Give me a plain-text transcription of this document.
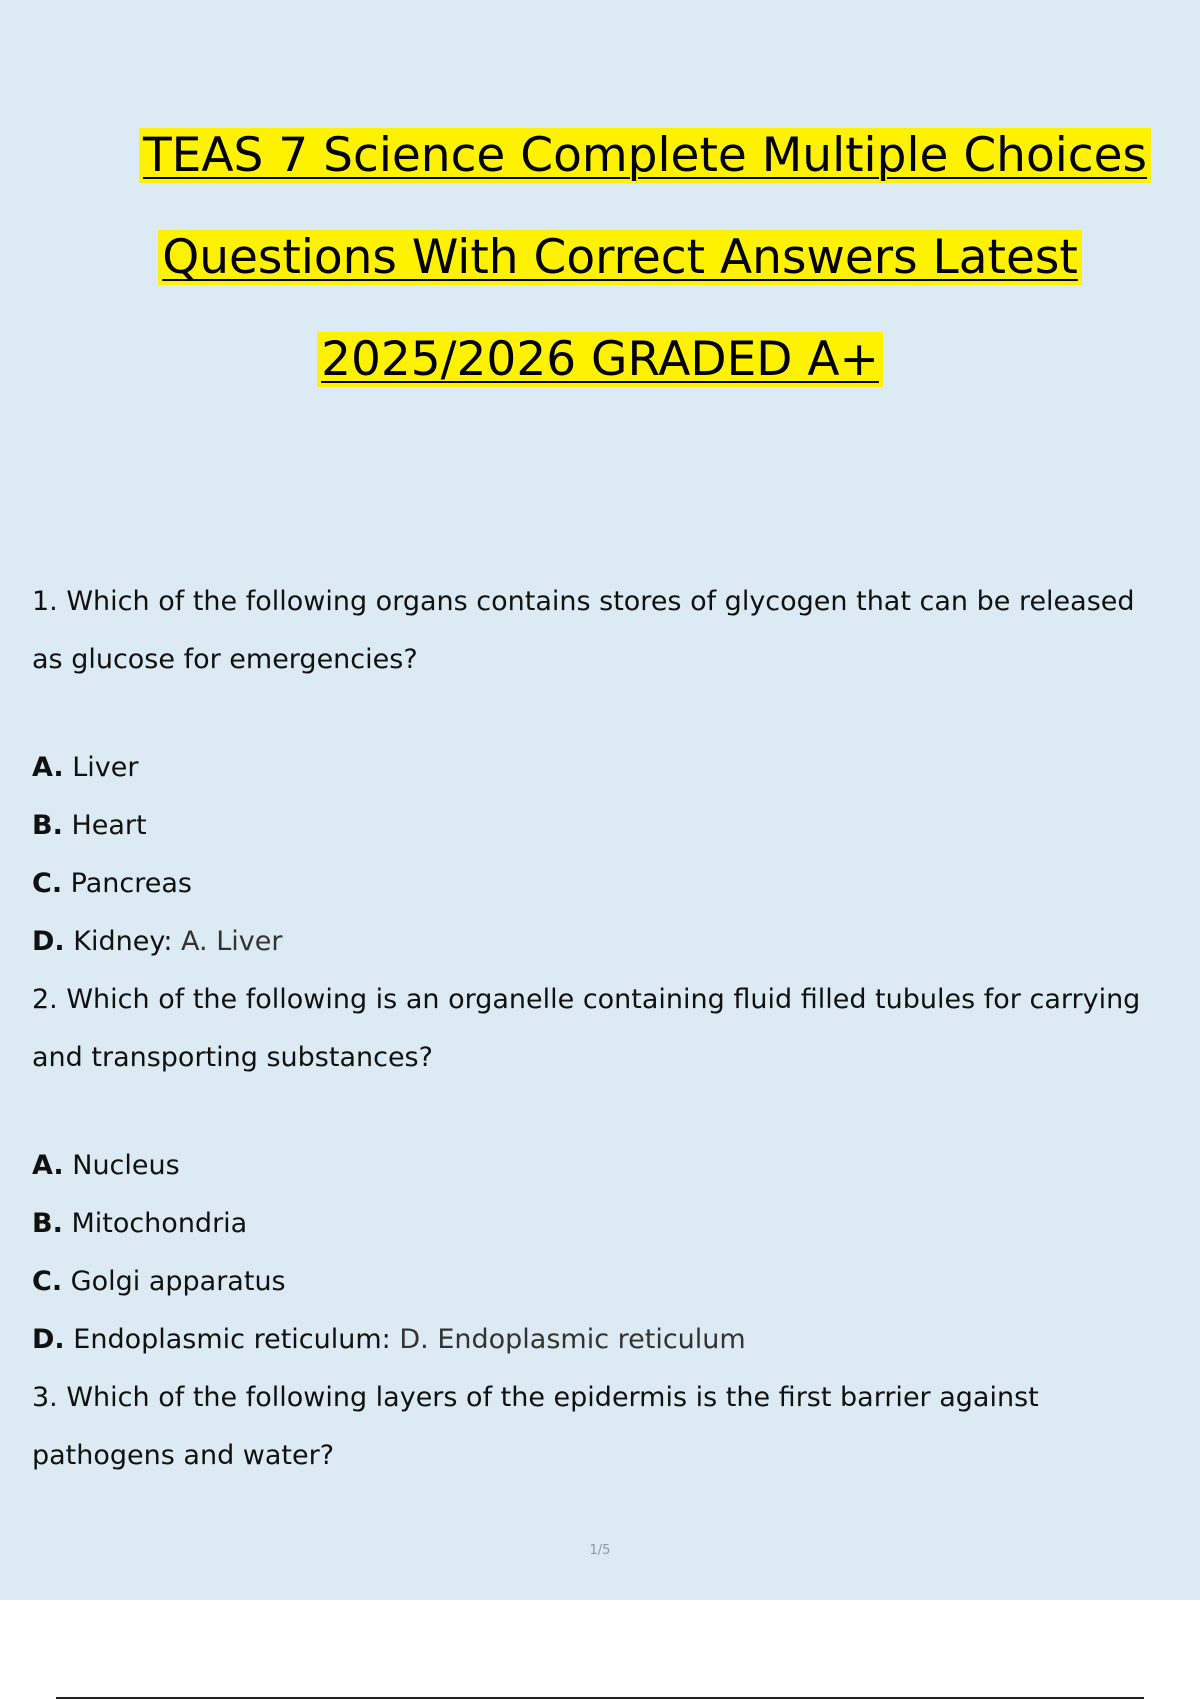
TEAS 7 Science Complete Multiple Choices
Questions With Correct Answers Latest
2025/2026 GRADED A+
1. Which of the following organs contains stores of glycogen that can be released as glucose for emergencies?
A. Liver
B. Heart
C. Pancreas
D. Kidney: A. Liver
2. Which of the following is an organelle containing fluid filled tubules for carrying and transporting substances?
A. Nucleus
B. Mitochondria
C. Golgi apparatus
D. Endoplasmic reticulum: D. Endoplasmic reticulum
3. Which of the following layers of the epidermis is the first barrier against pathogens and water?
1/5
